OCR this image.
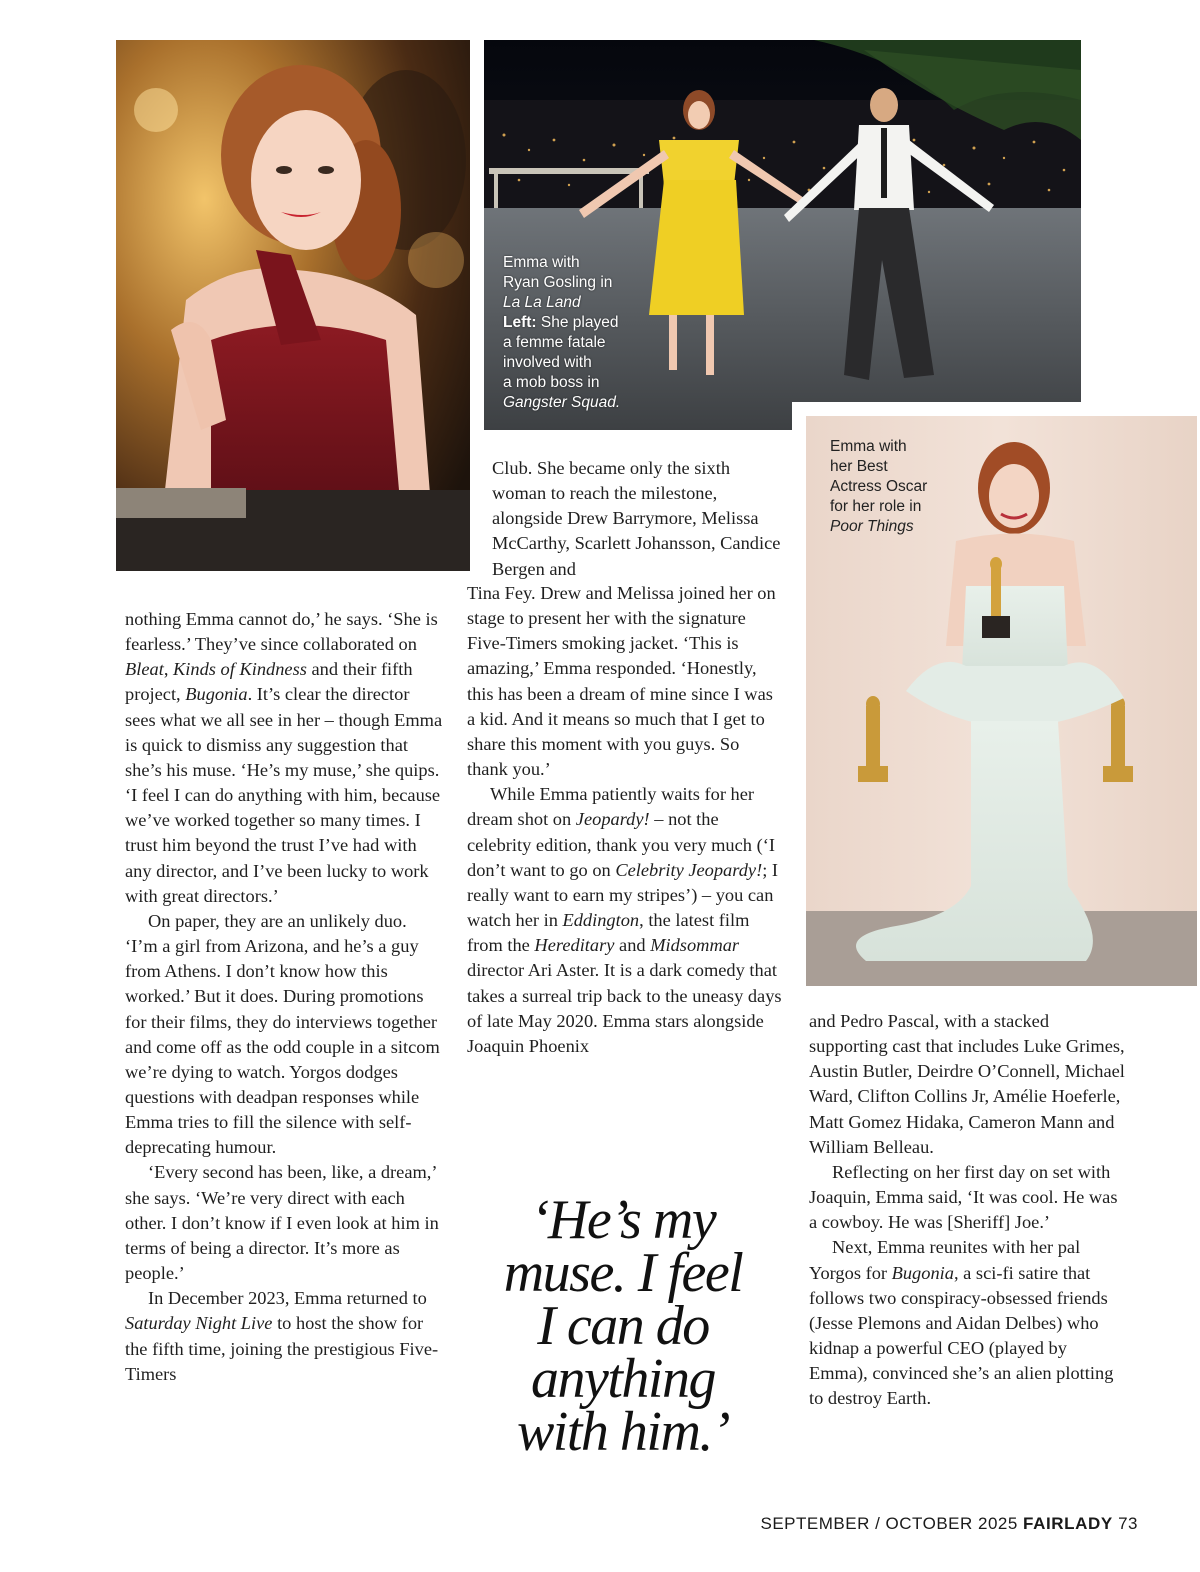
Emma with
Ryan Gosling in
La La Land
Left: She played
a femme fatale
involved with
a mob boss in
Gangster Squad.
Emma with
her Best
Actress Oscar
for her role in
Poor Things

nothing Emma cannot do,’ he says. ‘She is fearless.’ They’ve since collaborated on Bleat, Kinds of Kindness and their fifth project, Bugonia. It’s clear the director sees what we all see in her – though Emma is quick to dismiss any suggestion that she’s his muse. ‘He’s my muse,’ she quips. ‘I feel I can do anything with him, because we’ve worked together so many times. I trust him beyond the trust I’ve had with any director, and I’ve been lucky to work with great directors.’

On paper, they are an unlikely duo. ‘I’m a girl from Arizona, and he’s a guy from Athens. I don’t know how this worked.’ But it does. During promotions for their films, they do interviews together and come off as the odd couple in a sitcom we’re dying to watch. Yorgos dodges questions with deadpan responses while Emma tries to fill the silence with self-deprecating humour.

‘Every second has been, like, a dream,’ she says. ‘We’re very direct with each other. I don’t know if I even look at him in terms of being a director. It’s more as people.’

In December 2023, Emma returned to Saturday Night Live to host the show for the fifth time, joining the prestigious Five-Timers

Club. She became only the sixth woman to reach the milestone, alongside Drew Barrymore, Melissa McCarthy, Scarlett Johansson, Candice Bergen and

Tina Fey. Drew and Melissa joined her on stage to present her with the signature Five-Timers smoking jacket. ‘This is amazing,’ Emma responded. ‘Honestly, this has been a dream of mine since I was a kid. And it means so much that I get to share this moment with you guys. So thank you.’

While Emma patiently waits for her dream shot on Jeopardy! – not the celebrity edition, thank you very much (‘I don’t want to go on Celebrity Jeopardy!; I really want to earn my stripes’) – you can watch her in Eddington, the latest film from the Hereditary and Midsommar director Ari Aster. It is a dark comedy that takes a surreal trip back to the uneasy days of late May 2020. Emma stars alongside Joaquin Phoenix

‘He’s my
muse. I feel
I can do
anything
with him.’

and Pedro Pascal, with a stacked supporting cast that includes Luke Grimes, Austin Butler, Deirdre O’Connell, Michael Ward, Clifton Collins Jr, Amélie Hoeferle, Matt Gomez Hidaka, Cameron Mann and William Belleau.

Reflecting on her first day on set with Joaquin, Emma said, ‘It was cool. He was a cowboy. He was [Sheriff] Joe.’

Next, Emma reunites with her pal Yorgos for Bugonia, a sci-fi satire that follows two conspiracy-obsessed friends (Jesse Plemons and Aidan Delbes) who kidnap a powerful CEO (played by Emma), convinced she’s an alien plotting to destroy Earth.

SEPTEMBER / OCTOBER 2025 FAIRLADY 73
